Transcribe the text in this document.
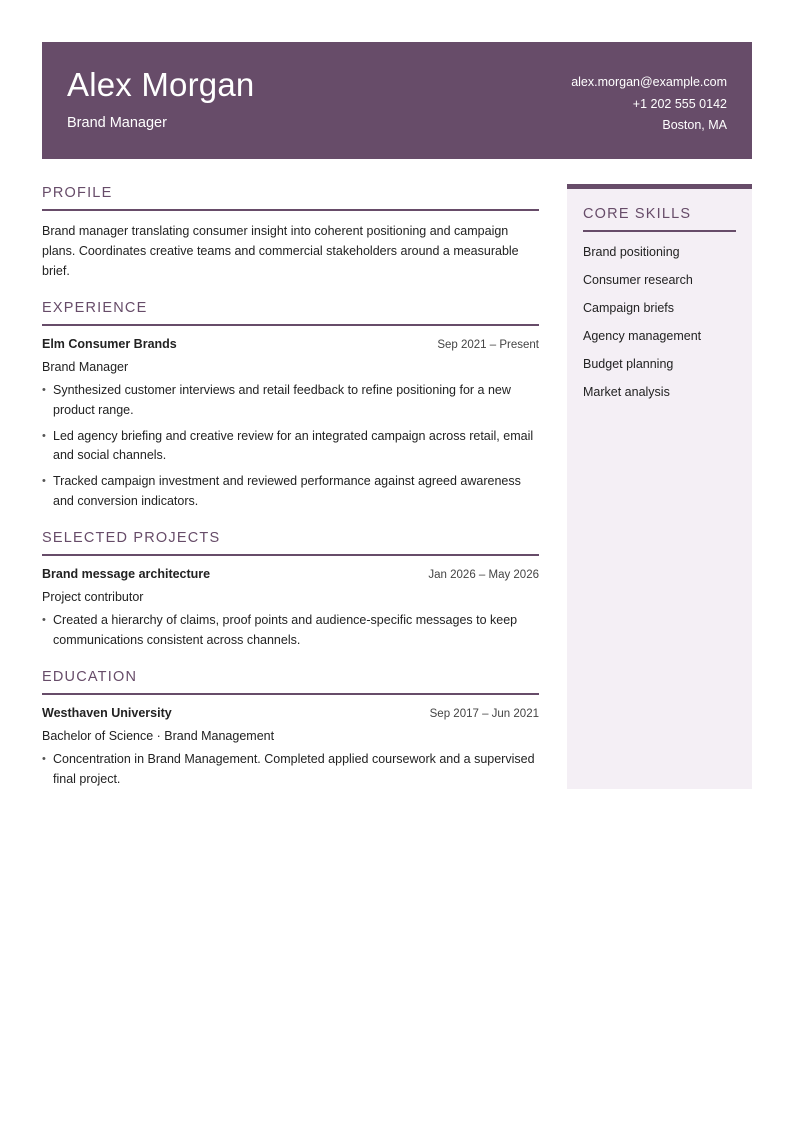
Alex Morgan
Brand Manager
alex.morgan@example.com
+1 202 555 0142
Boston, MA
PROFILE

Brand manager translating consumer insight into coherent positioning and campaign plans. Coordinates creative teams and commercial stakeholders around a measurable brief.

EXPERIENCE
Elm Consumer Brands	Sep 2021 – Present
Brand Manager
• Synthesized customer interviews and retail feedback to refine positioning for a new product range.
• Led agency briefing and creative review for an integrated campaign across retail, email and social channels.
• Tracked campaign investment and reviewed performance against agreed awareness and conversion indicators.
SELECTED PROJECTS
Brand message architecture	Jan 2026 – May 2026
Project contributor
• Created a hierarchy of claims, proof points and audience-specific messages to keep communications consistent across channels.
EDUCATION
Westhaven University	Sep 2017 – Jun 2021
Bachelor of Science · Brand Management
• Concentration in Brand Management. Completed applied coursework and a supervised final project.
CORE SKILLS
Brand positioning
Consumer research
Campaign briefs
Agency management
Budget planning
Market analysis
